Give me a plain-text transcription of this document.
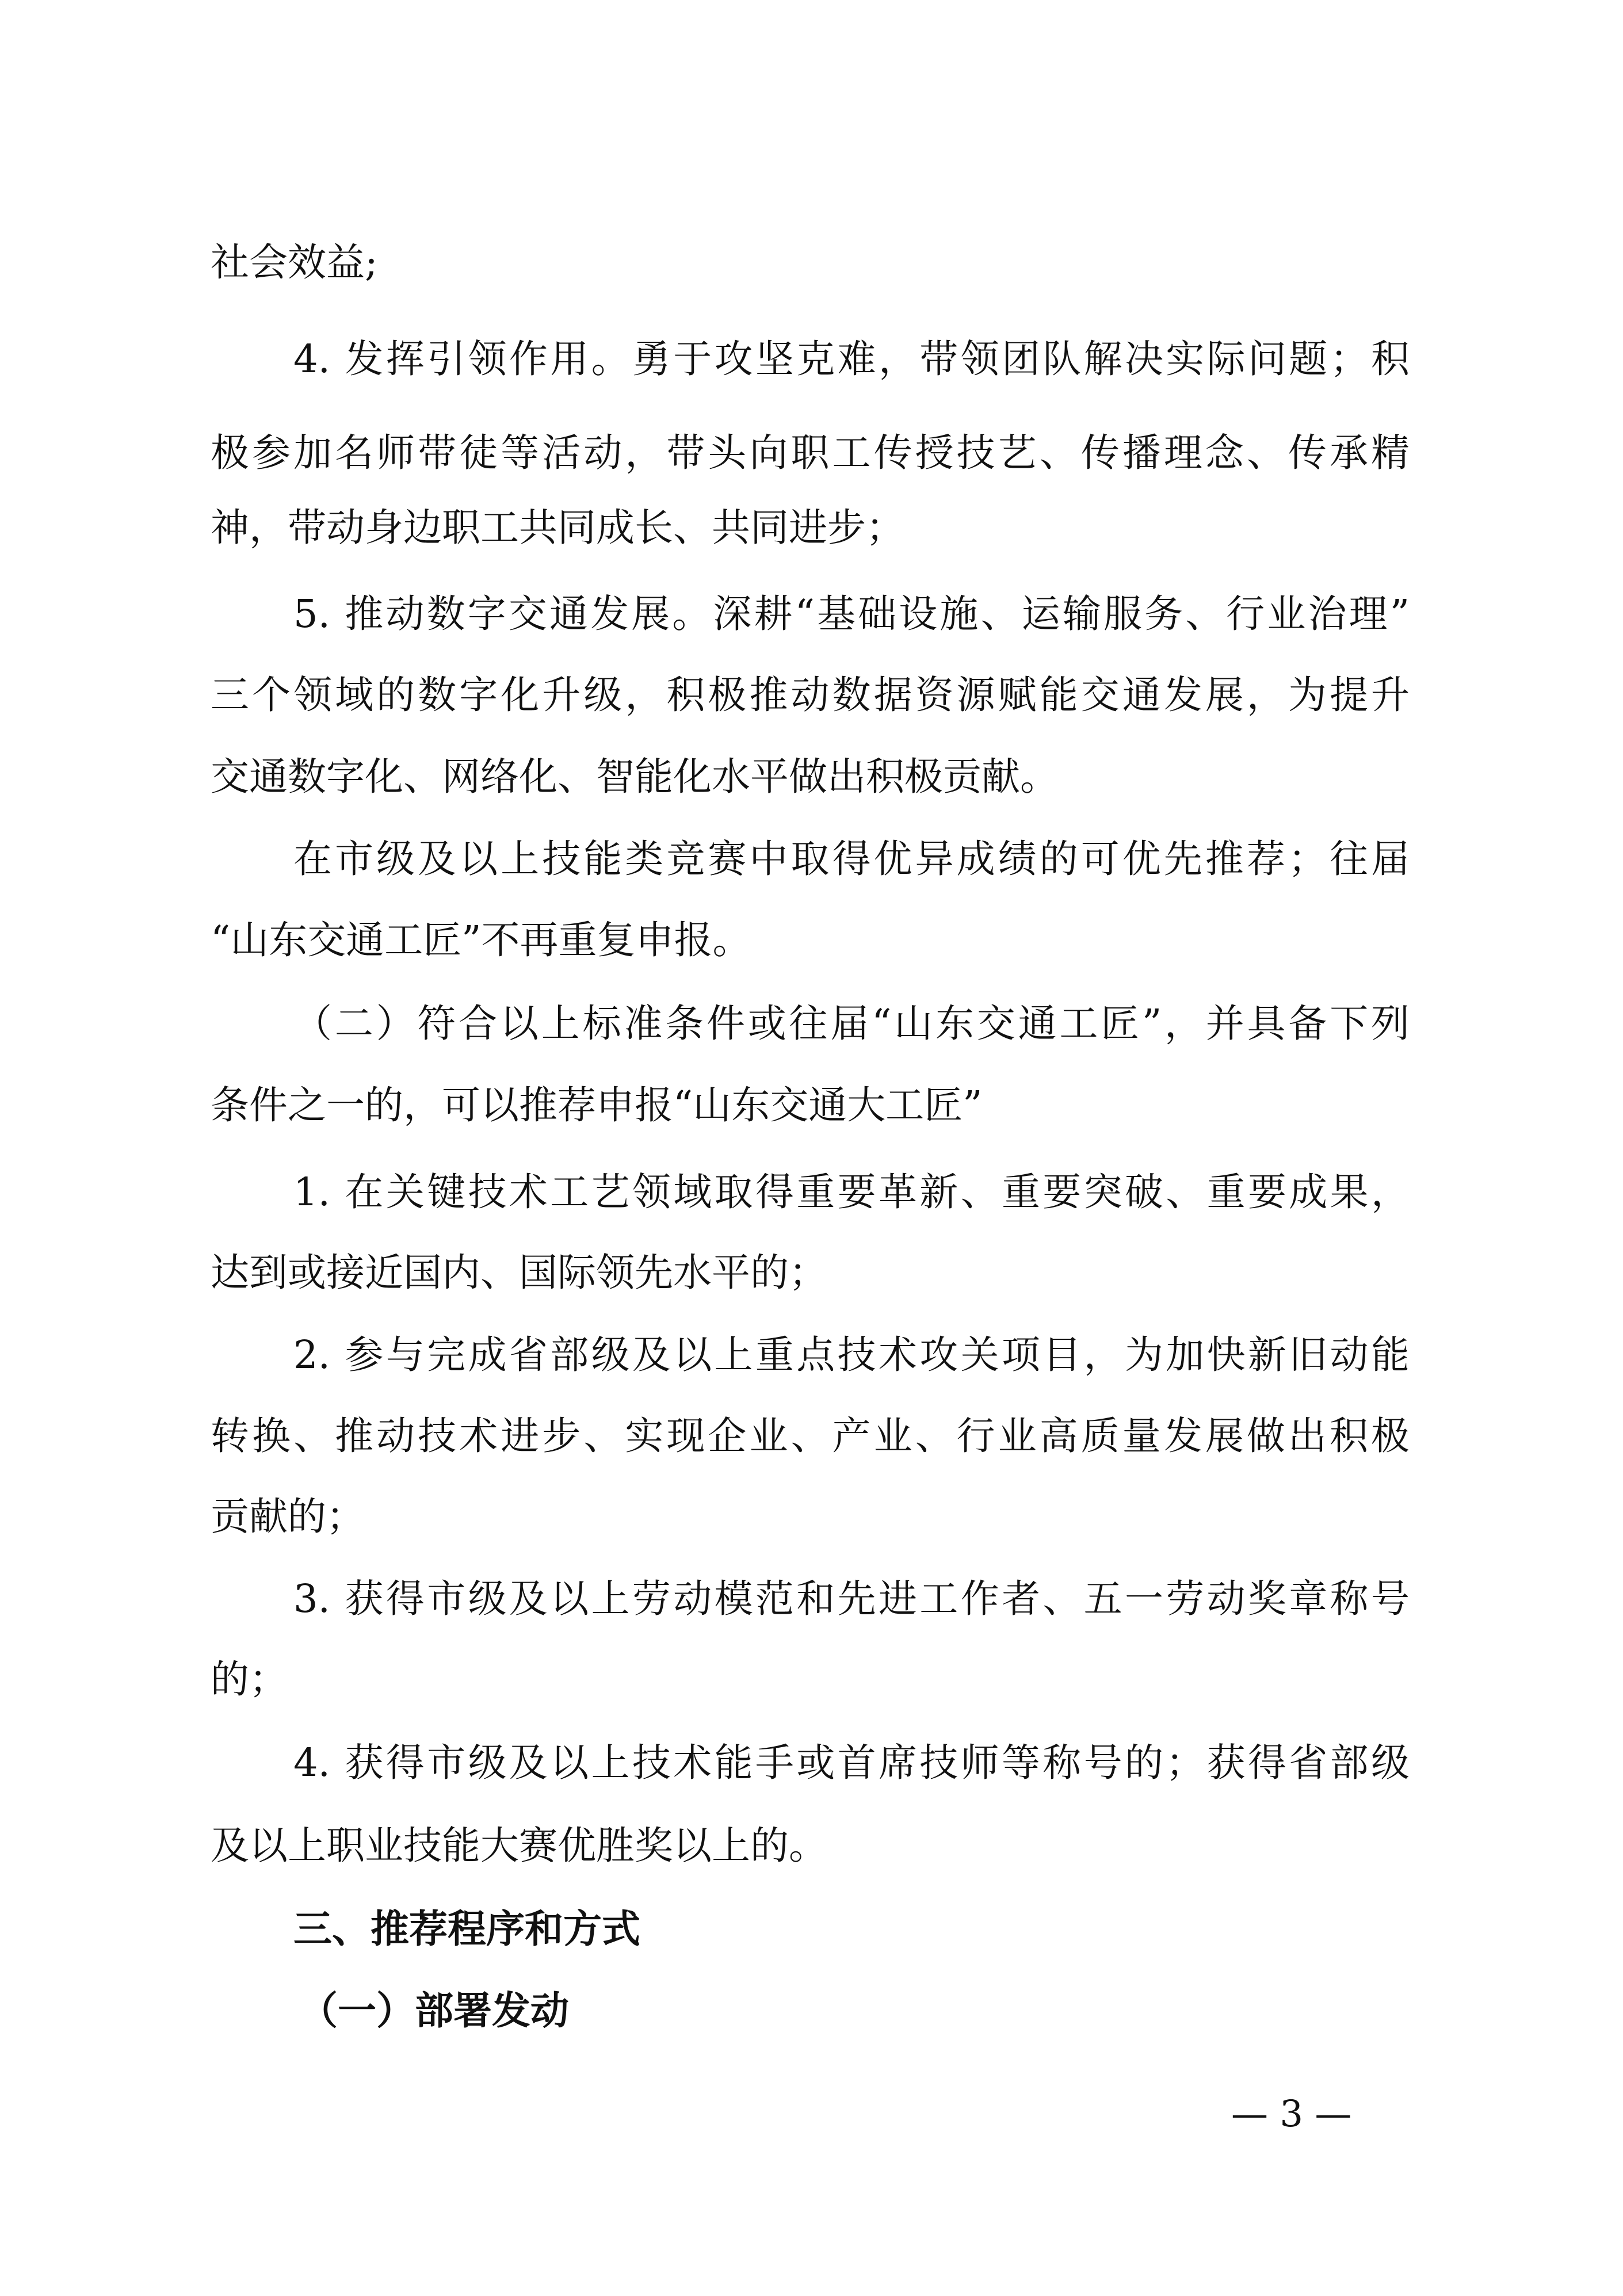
社会效益;
4. 发挥引领作用。勇于攻坚克难，带领团队解决实际问题；积
极参加名师带徒等活动，带头向职工传授技艺、传播理念、传承精
神，带动身边职工共同成长、共同进步；
5. 推动数字交通发展。深耕“基础设施、运输服务、行业治理”
三个领域的数字化升级，积极推动数据资源赋能交通发展，为提升
交通数字化、网络化、智能化水平做出积极贡献。
在市级及以上技能类竞赛中取得优异成绩的可优先推荐；往届
“山东交通工匠”不再重复申报。
（二）符合以上标准条件或往届“山东交通工匠”，并具备下列
条件之一的，可以推荐申报“山东交通大工匠”
1. 在关键技术工艺领域取得重要革新、重要突破、重要成果，
达到或接近国内、国际领先水平的；
2. 参与完成省部级及以上重点技术攻关项目，为加快新旧动能
转换、推动技术进步、实现企业、产业、行业高质量发展做出积极
贡献的；
3. 获得市级及以上劳动模范和先进工作者、五一劳动奖章称号
的；
4. 获得市级及以上技术能手或首席技师等称号的；获得省部级
及以上职业技能大赛优胜奖以上的。
三、推荐程序和方式
（一）部署发动
— 3 —
